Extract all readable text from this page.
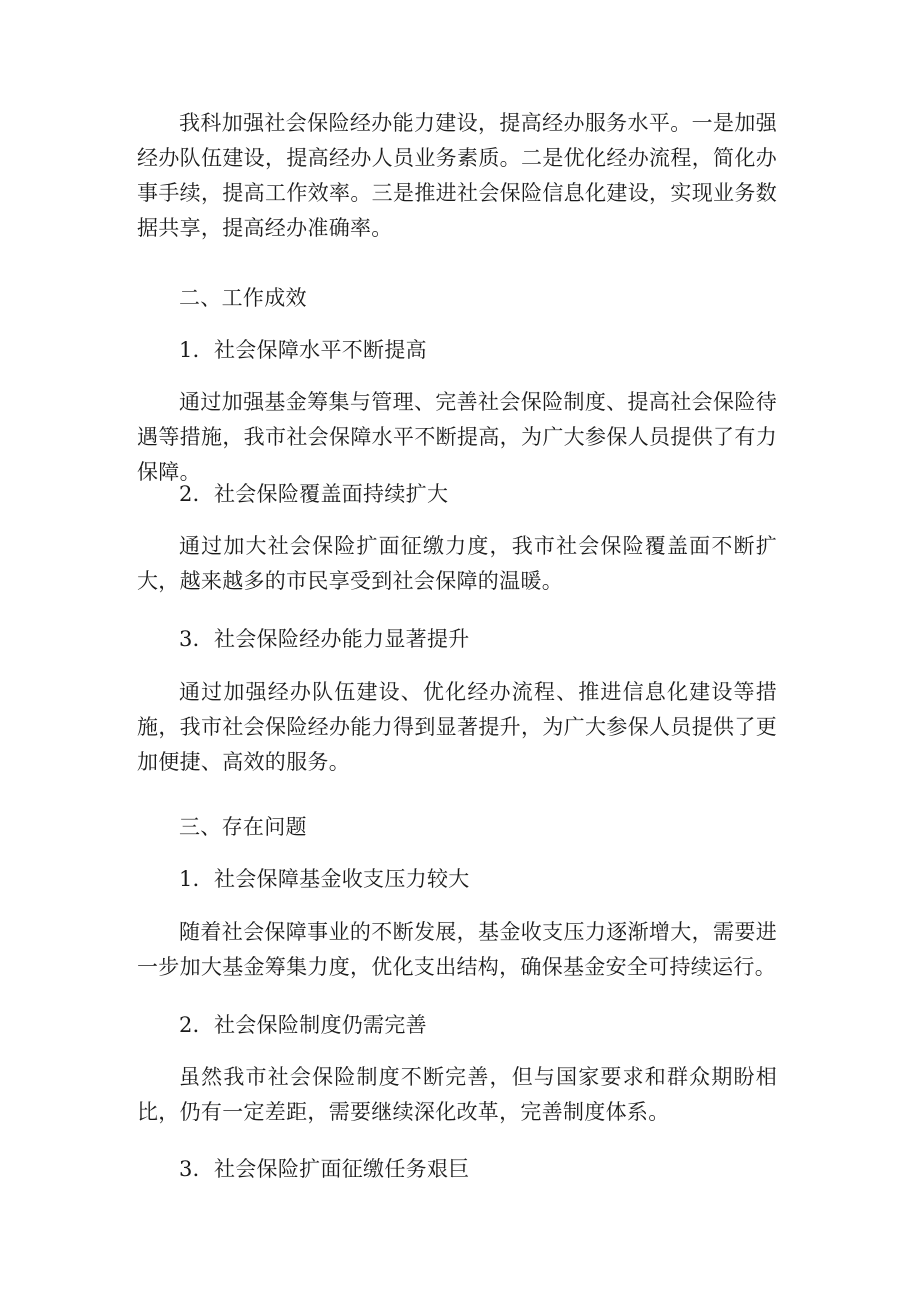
我科加强社会保险经办能力建设，提高经办服务水平。一是加强经办队伍建设，提高经办人员业务素质。二是优化经办流程，简化办事手续，提高工作效率。三是推进社会保险信息化建设，实现业务数据共享，提高经办准确率。

二、工作成效

1．社会保障水平不断提高

通过加强基金筹集与管理、完善社会保险制度、提高社会保险待遇等措施，我市社会保障水平不断提高，为广大参保人员提供了有力保障。

2．社会保险覆盖面持续扩大

通过加大社会保险扩面征缴力度，我市社会保险覆盖面不断扩大，越来越多的市民享受到社会保障的温暖。

3．社会保险经办能力显著提升

通过加强经办队伍建设、优化经办流程、推进信息化建设等措施，我市社会保险经办能力得到显著提升，为广大参保人员提供了更加便捷、高效的服务。

三、存在问题

1．社会保障基金收支压力较大

随着社会保障事业的不断发展，基金收支压力逐渐增大，需要进一步加大基金筹集力度，优化支出结构，确保基金安全可持续运行。

2．社会保险制度仍需完善

虽然我市社会保险制度不断完善，但与国家要求和群众期盼相比，仍有一定差距，需要继续深化改革，完善制度体系。

3．社会保险扩面征缴任务艰巨
